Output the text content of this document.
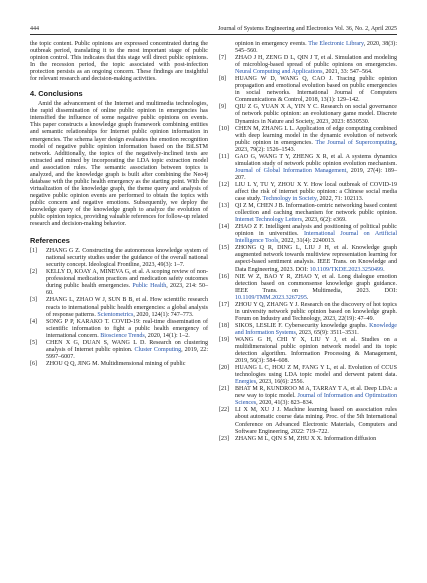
444	Journal of Systems Engineering and Electronics Vol. 36, No. 2, April 2025

the topic content. Public opinions are expressed concentrated during the outbreak period, translating it to the most important stage of public opinion control. This indicates that this stage will direct public opinions. In the recession period, the topic associated with post-infection protection persists as an ongoing concern. These findings are insightful for relevant research and decision-making activities.

4. Conclusions

Amid the advancement of the Internet and multimedia technologies, the rapid dissemination of online public opinion in emergencies has intensified the influence of some negative public opinions on events. This paper constructs a knowledge graph framework combining entities and semantic relationships for Internet public opinion information in emergencies. The schema layer design evaluates the emotion recognition model of negative public opinion information based on the BiLSTM network. Additionally, the topics of the negatively-inclined texts are extracted and mined by incorporating the LDA topic extraction model and association rules. The semantic association between topics is analyzed, and the knowledge graph is built after combining the Neo4j database with the public health emergency as the starting point. With the virtualization of the knowledge graph, the theme query and analysis of negative public opinion events are performed to obtain the topics with public concern and negative emotions. Subsequently, we deploy the knowledge query of the knowledge graph to analyze the evolution of public opinion topics, providing valuable references for follow-up related research and decision-making behavior.

References
[1]	ZHANG G Z. Constructing the autonomous knowledge system of national security studies under the guidance of the overall national security concept. Ideological Frontline, 2023, 49(3): 1–7.
[2]	KELLY D, KOAY A, MINEVA G, et al. A scoping review of non-professional medication practices and medication safety outcomes during public health emergencies. Public Health, 2023, 214: 50–60.
[3]	ZHANG L, ZHAO W J, SUN B B, et al. How scientific research reacts to international public health emergencies: a global analysis of response patterns. Scientometrics, 2020, 124(1): 747–773.
[4]	SONG P P, KARAKO T. COVID-19: real-time dissemination of scientific information to fight a public health emergency of international concern. Bioscience Trends, 2020, 14(1): 1–2.
[5]	CHEN X G, DUAN S, WANG L D. Research on clustering analysis of Internet public opinion. Cluster Computing, 2019, 22: 5997–6007.
[6]	ZHOU Q Q, JING M. Multidimensional mining of public
opinion in emergency events. The Electronic Library, 2020, 38(3): 545–560.
[7]	ZHAO J H, ZENG D L, QIN J T, et al. Simulation and modeling of microblog-based spread of public opinions on emergencies. Neural Computing and Applications, 2021, 33: 547–564.
[8]	HUANG W D, WANG Q, CAO J. Tracing public opinion propagation and emotional evolution based on public emergencies in social networks. International Journal of Computers Communications & Control, 2018, 13(1): 129–142.
[9]	QIU Z G, YUAN X A, YIN Y C. Research on social governance of network public opinion: an evolutionary game model. Discrete Dynamics in Nature and Society, 2023, 2023: 8530530.
[10] CHEN M, ZHANG L L. Application of edge computing combined with deep learning model in the dynamic evolution of network public opinion in emergencies. The Journal of Supercomputing, 2023, 79(2): 1526–1543.
[11]	GAO G, WANG T Y, ZHENG X R, et al. A systems dynamics simulation study of network public opinion evolution mechanism. Journal of Global Information Management, 2019, 27(4): 189–207.
[12] LIU L Y, TU Y, ZHOU X Y. How local outbreak of COVID-19 affect the risk of internet public opinion: a Chinese social media case study. Technology in Society, 2022, 71: 102113.
[13] QI Z M, CHEN J B. Information-centric networking based content collection and caching mechanism for network public opinion. Internet Technology Letters, 2023, 6(2): e369.
[14] ZHAO Z F. Intelligent analysis and positioning of political public opinion in universities. International Journal on Artificial Intelligence Tools, 2022, 31(4): 2240013.
[15] ZHONG Q R, DING L, LIU J H, et al. Knowledge graph augmented network towards multiview representation learning for aspect-based sentiment analysis. IEEE Trans. on Knowledge and Data Engineering, 2023. DOI: 10.1109/TKDE.2023.3250499.
[16] NIE W Z, BAO Y R, ZHAO Y, et al. Long dialogue emotion detection based on commonsense knowledge graph guidance. IEEE Trans. on Multimedia, 2023. DOI: 10.1109/TMM.2023.3267295.
[17] ZHOU Y Q, ZHANG Y J. Research on the discovery of hot topics in university network public opinion based on knowledge graph. Forum on Industry and Technology, 2023, 22(19): 47–49.
[18] SIKOS, LESLIE F. Cybersecurity knowledge graphs. Knowledge and Information Systems, 2023, 65(9): 3511–3531.
[19] WANG G H, CHI Y X, LIU Y J, et al. Studies on a multidimensional public opinion network model and its topic detection algorithm. Information Processing & Management, 2019, 56(3): 584–608.
[20] HUANG L C, HOU Z M, FANG Y L, et al. Evolution of CCUS technologies using LDA topic model and derwent patent data. Energies, 2023, 16(6): 2556.
[21] BHAT M R, KUNDROO M A, TARRAY T A, et al. Deep LDA: a new way to topic model. Journal of Information and Optimization Sciences, 2020, 41(3): 823–834.
[22] LI X M, XU J J. Machine learning based on association rules about automatic course data mining. Proc. of the 5th International Conference on Advanced Electronic Materials, Computers and Software Engineering, 2022: 719–722.
[23] ZHANG M L, QIN S M, ZHU X X. Information diffusion
